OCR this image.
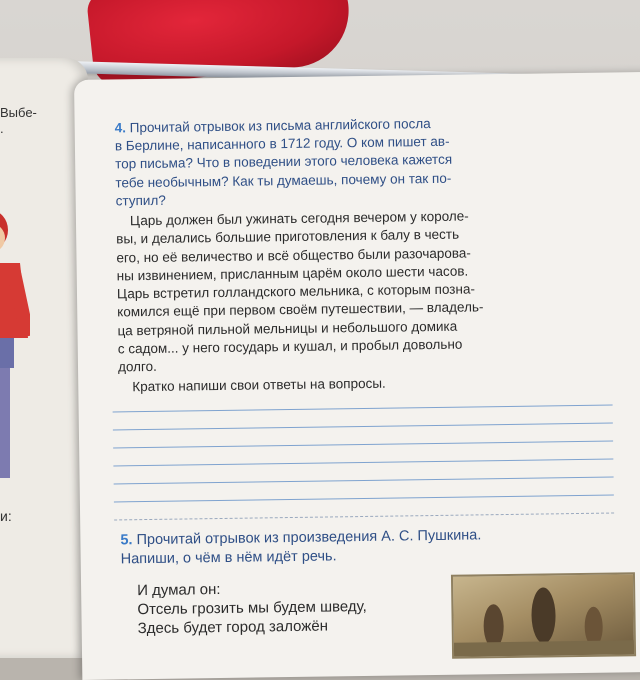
Выбе-
.
и:
4. Прочитай отрывок из письма английского посла
в Берлине, написанного в 1712 году. О ком пишет ав-
тор письма? Что в поведении этого человека кажется
тебе необычным? Как ты думаешь, почему он так по-
ступил?
Царь должен был ужинать сегодня вечером у короле-
вы, и делались большие приготовления к балу в честь
его, но её величество и всё общество были разочарова-
ны извинением, присланным царём около шести часов.
Царь встретил голландского мельника, с которым позна-
комился ещё при первом своём путешествии, — владель-
ца ветряной пильной мельницы и небольшого домика
с садом... у него государь и кушал, и пробыл довольно
долго.
Кратко напиши свои ответы на вопросы.
5. Прочитай отрывок из произведения А. С. Пушкина.
Напиши, о чём в нём идёт речь.
И думал он:
Отсель грозить мы будем шведу,
Здесь будет город заложён
